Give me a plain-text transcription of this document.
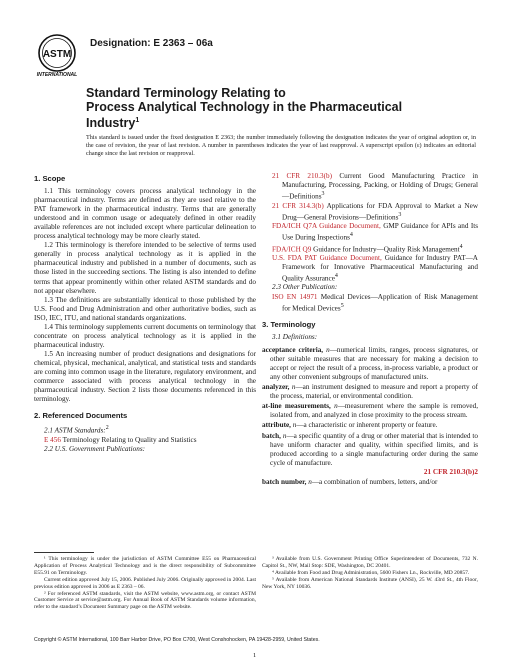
ASTM
INTERNATIONAL
Designation: E 2363 – 06a
Standard Terminology Relating to
Process Analytical Technology in the Pharmaceutical
Industry$^1$
This standard is issued under the fixed designation E 2363; the number immediately following the designation indicates the year of original adoption or, in the case of revision, the year of last revision. A number in parentheses indicates the year of last reapproval. A superscript epsilon (ε) indicates an editorial change since the last revision or reapproval.
1. Scope

1.1 This terminology covers process analytical technology in the pharmaceutical industry. Terms are defined as they are used relative to the PAT framework in the pharmaceutical industry. Terms that are generally understood and in common usage or adequately defined in other readily available references are not included except where particular delineation to process analytical technology may be more clearly stated.

1.2 This terminology is therefore intended to be selective of terms used generally in process analytical technology as it is applied in the pharmaceutical industry and published in a number of documents, such as those listed in the succeeding sections. The listing is also intended to define terms that appear prominently within other related ASTM standards and do not appear elsewhere.

1.3 The definitions are substantially identical to those published by the U.S. Food and Drug Administration and other authoritative bodies, such as ISO, IEC, ITU, and national standards organizations.

1.4 This terminology supplements current documents on terminology that concentrate on process analytical technology as it is applied in the pharmaceutical industry.

1.5 An increasing number of product designations and designations for chemical, physical, mechanical, analytical, and statistical tests and standards are coming into common usage in the literature, regulatory environment, and commerce associated with process analytical technology in the pharmaceutical industry. Section 2 lists those documents referenced in this terminology.

2. Referenced Documents

2.1 ASTM Standards:$^2$

E 456 Terminology Relating to Quality and Statistics

2.2 U.S. Government Publications:

21 CFR 210.3(b) Current Good Manufacturing Practice in Manufacturing, Processing, Packing, or Holding of Drugs; General—Definitions$^3$

21 CFR 314.3(b) Applications for FDA Approval to Market a New Drug—General Provisions—Definitions$^3$

FDA/ICH Q7A Guidance Document, GMP Guidance for APIs and Its Use During Inspections$^4$

FDA/ICH Q9 Guidance for Industry—Quality Risk Management$^4$

U.S. FDA PAT Guidance Document, Guidance for Industry PAT—A Framework for Innovative Pharmaceutical Manufacturing and Quality Assurance$^4$

2.3 Other Publication:

ISO EN 14971 Medical Devices—Application of Risk Management for Medical Devices$^5$

3. Terminology

3.1 Definitions:

acceptance criteria, n—numerical limits, ranges, process signatures, or other suitable measures that are necessary for making a decision to accept or reject the result of a process, in-process variable, a product or any other convenient subgroups of manufactured units.

analyzer, n—an instrument designed to measure and report a property of the process, material, or environmental condition.

at-line measurements, n—measurement where the sample is removed, isolated from, and analyzed in close proximity to the process stream.

attribute, n—a characteristic or inherent property or feature.

batch, n—a specific quantity of a drug or other material that is intended to have uniform character and quality, within specified limits, and is produced according to a single manufacturing order during the same cycle of manufacture.

21 CFR 210.3(b)2

batch number, n—a combination of numbers, letters, and/or

¹ This terminology is under the jurisdiction of ASTM Committee E55 on Pharmaceutical Application of Process Analytical Technology and is the direct responsibility of Subcommittee E55.91 on Terminology.

Current edition approved July 15, 2006. Published July 2006. Originally approved in 2004. Last previous edition approved in 2006 as E 2363 – 06.

² For referenced ASTM standards, visit the ASTM website, www.astm.org, or contact ASTM Customer Service at service@astm.org. For Annual Book of ASTM Standards volume information, refer to the standard’s Document Summary page on the ASTM website.

³ Available from U.S. Government Printing Office Superintendent of Documents, 732 N. Capitol St., NW, Mail Stop: SDE, Washington, DC 20401.

⁴ Available from Food and Drug Administration, 5600 Fishers Ln., Rockville, MD 20857.

⁵ Available from American National Standards Institute (ANSI), 25 W. 43rd St., 4th Floor, New York, NY 10036.

Copyright © ASTM International, 100 Barr Harbor Drive, PO Box C700, West Conshohocken, PA 19428-2959, United States.
1
